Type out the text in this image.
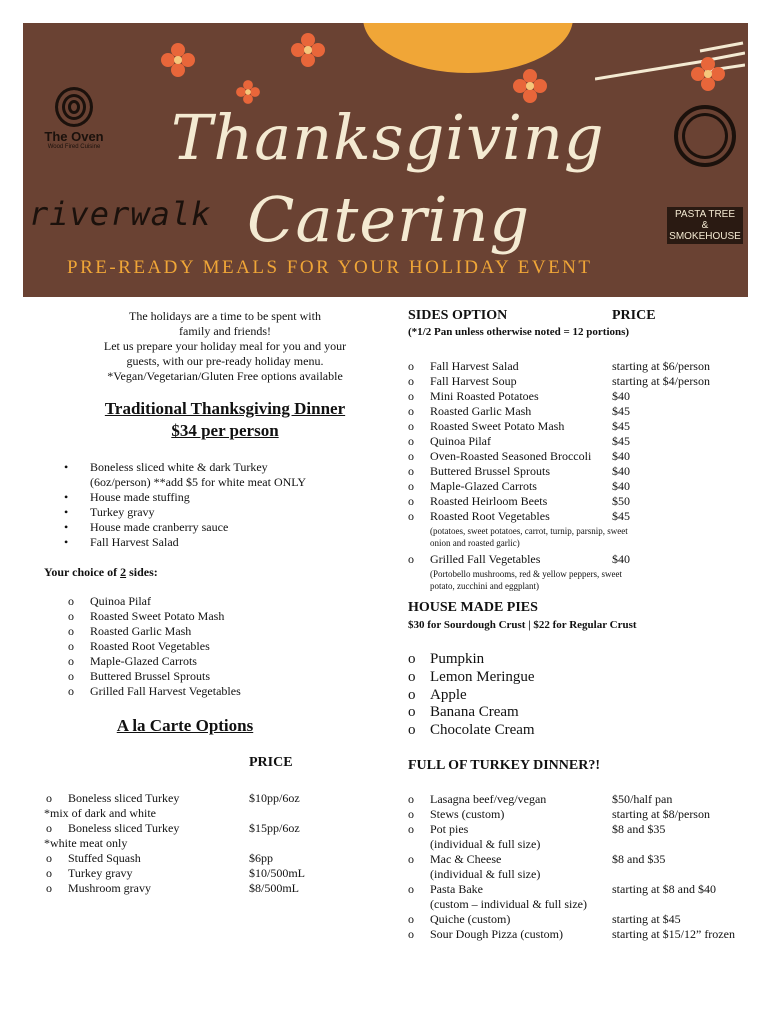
The Oven
Wood Fired Cuisine
riverwalk
Thanksgiving
Catering
PRE-READY MEALS FOR YOUR HOLIDAY EVENT
PASTA TREE
& SMOKEHOUSE
The holidays are a time to be spent with
family and friends!
Let us prepare your holiday meal for you and your
guests, with our pre-ready holiday menu.
*Vegan/Vegetarian/Gluten Free options available
Traditional Thanksgiving Dinner
$34 per person
• Boneless sliced white & dark Turkey
(6oz/person) **add $5 for white meat ONLY
• House made stuffing
• Turkey gravy
• House made cranberry sauce
• Fall Harvest Salad
Your choice of 2 sides:
o Quinoa Pilaf
o Roasted Sweet Potato Mash
o Roasted Garlic Mash
o Roasted Root Vegetables
o Maple-Glazed Carrots
o Buttered Brussel Sprouts
o Grilled Fall Harvest Vegetables
A la Carte Options
PRICE
o Boneless sliced Turkey	$10pp/6oz
*mix of dark and white
o Boneless sliced Turkey	$15pp/6oz
*white meat only
o Stuffed Squash	$6pp
o Turkey gravy	$10/500mL
o Mushroom gravy	$8/500mL
SIDES OPTION	PRICE
(*1/2 Pan unless otherwise noted = 12 portions)
o Fall Harvest Salad	starting at $6/person
o Fall Harvest Soup	starting at $4/person
o Mini Roasted Potatoes	$40
o Roasted Garlic Mash	$45
o Roasted Sweet Potato Mash	$45
o Quinoa Pilaf	$45
o Oven-Roasted Seasoned Broccoli $40
o Buttered Brussel Sprouts	$40
o Maple-Glazed Carrots	$40
o Roasted Heirloom Beets	$50
o Roasted Root Vegetables	$45
(potatoes, sweet potatoes, carrot, turnip, parsnip, sweet onion and roasted garlic)
o Grilled Fall Vegetables	$40
(Portobello mushrooms, red & yellow peppers, sweet potato, zucchini and eggplant)
HOUSE MADE PIES
$30 for Sourdough Crust | $22 for Regular Crust
o Pumpkin
o Lemon Meringue
o Apple
o Banana Cream
o Chocolate Cream
FULL OF TURKEY DINNER?!
o Lasagna beef/veg/vegan	$50/half pan
o Stews (custom)	starting at $8/person
o Pot pies	$8 and $35
(individual & full size)
o Mac & Cheese	$8 and $35
(individual & full size)
o Pasta Bake	starting at $8 and $40
(custom – individual & full size)
o Quiche (custom)	starting at $45
o Sour Dough Pizza (custom)	starting at $15/12” frozen
